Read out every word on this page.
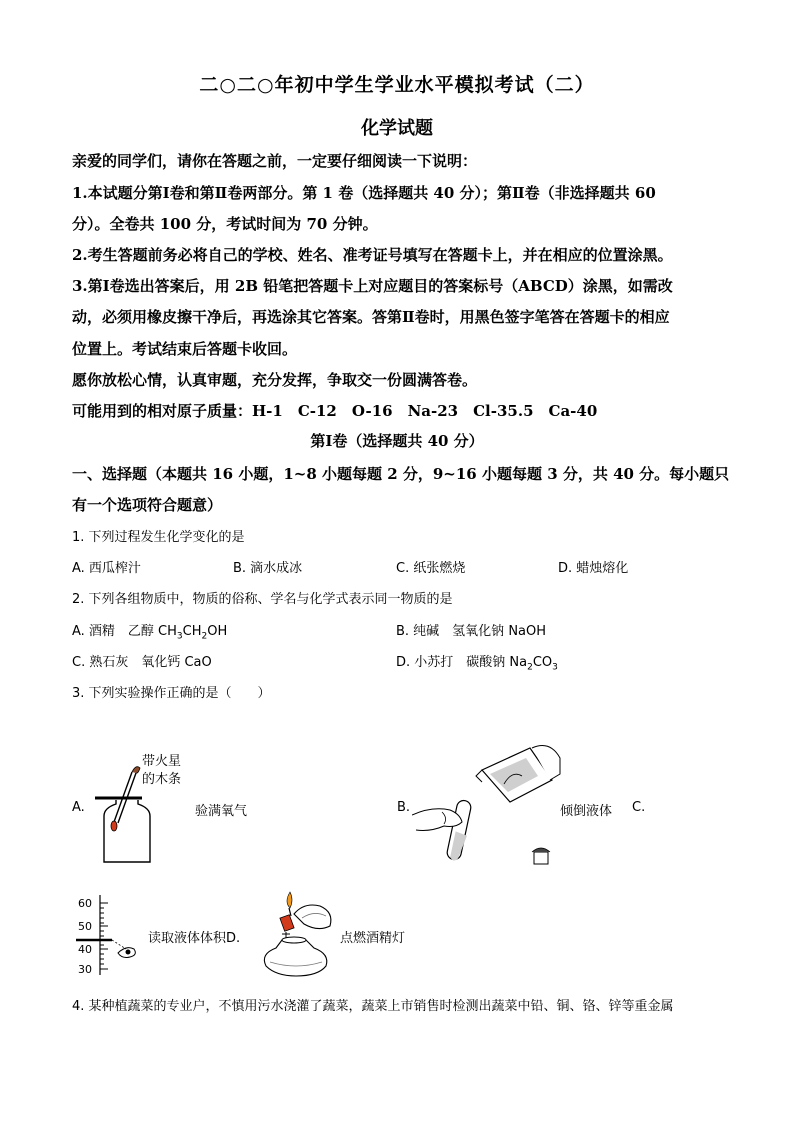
二○二○年初中学生学业水平模拟考试（二）
化学试题
亲爱的同学们，请你在答题之前，一定要仔细阅读一下说明：
1.本试题分第Ⅰ卷和第Ⅱ卷两部分。第 1 卷（选择题共 40 分）；第Ⅱ卷（非选择题共 60
分）。全卷共 100 分，考试时间为 70 分钟。
2.考生答题前务必将自己的学校、姓名、准考证号填写在答题卡上，并在相应的位置涂黑。
3.第Ⅰ卷选出答案后，用 2B 铅笔把答题卡上对应题目的答案标号（ABCD）涂黑，如需改
动，必须用橡皮擦干净后，再选涂其它答案。答第Ⅱ卷时，用黑色签字笔答在答题卡的相应
位置上。考试结束后答题卡收回。
愿你放松心情，认真审题，充分发挥，争取交一份圆满答卷。
可能用到的相对原子质量：H-1　C-12　O-16　Na-23　Cl-35.5　Ca-40
第Ⅰ卷（选择题共 40 分）
一、选择题（本题共 16 小题，1~8 小题每题 2 分，9~16 小题每题 3 分，共 40 分。每小题只
有一个选项符合题意）
1. 下列过程发生化学变化的是
A. 西瓜榨汁	B. 滴水成冰	C. 纸张燃烧	D. 蜡烛熔化
2. 下列各组物质中，物质的俗称、学名与化学式表示同一物质的是
A. 酒精　乙醇 $CH_3CH_2OH$	B. 纯碱　氢氧化钠 NaOH
C. 熟石灰　氧化钙 CaO	D. 小苏打　碳酸钠 $Na_2CO_3$
3. 下列实验操作正确的是（　　）
A.	验满氧气
带火星
的木条
B.	倾倒液体 C.
60
50
40
30
读取液体体积D.	点燃酒精灯
4. 某种植蔬菜的专业户，不慎用污水浇灌了蔬菜，蔬菜上市销售时检测出蔬菜中铅、铜、铬、锌等重金属
